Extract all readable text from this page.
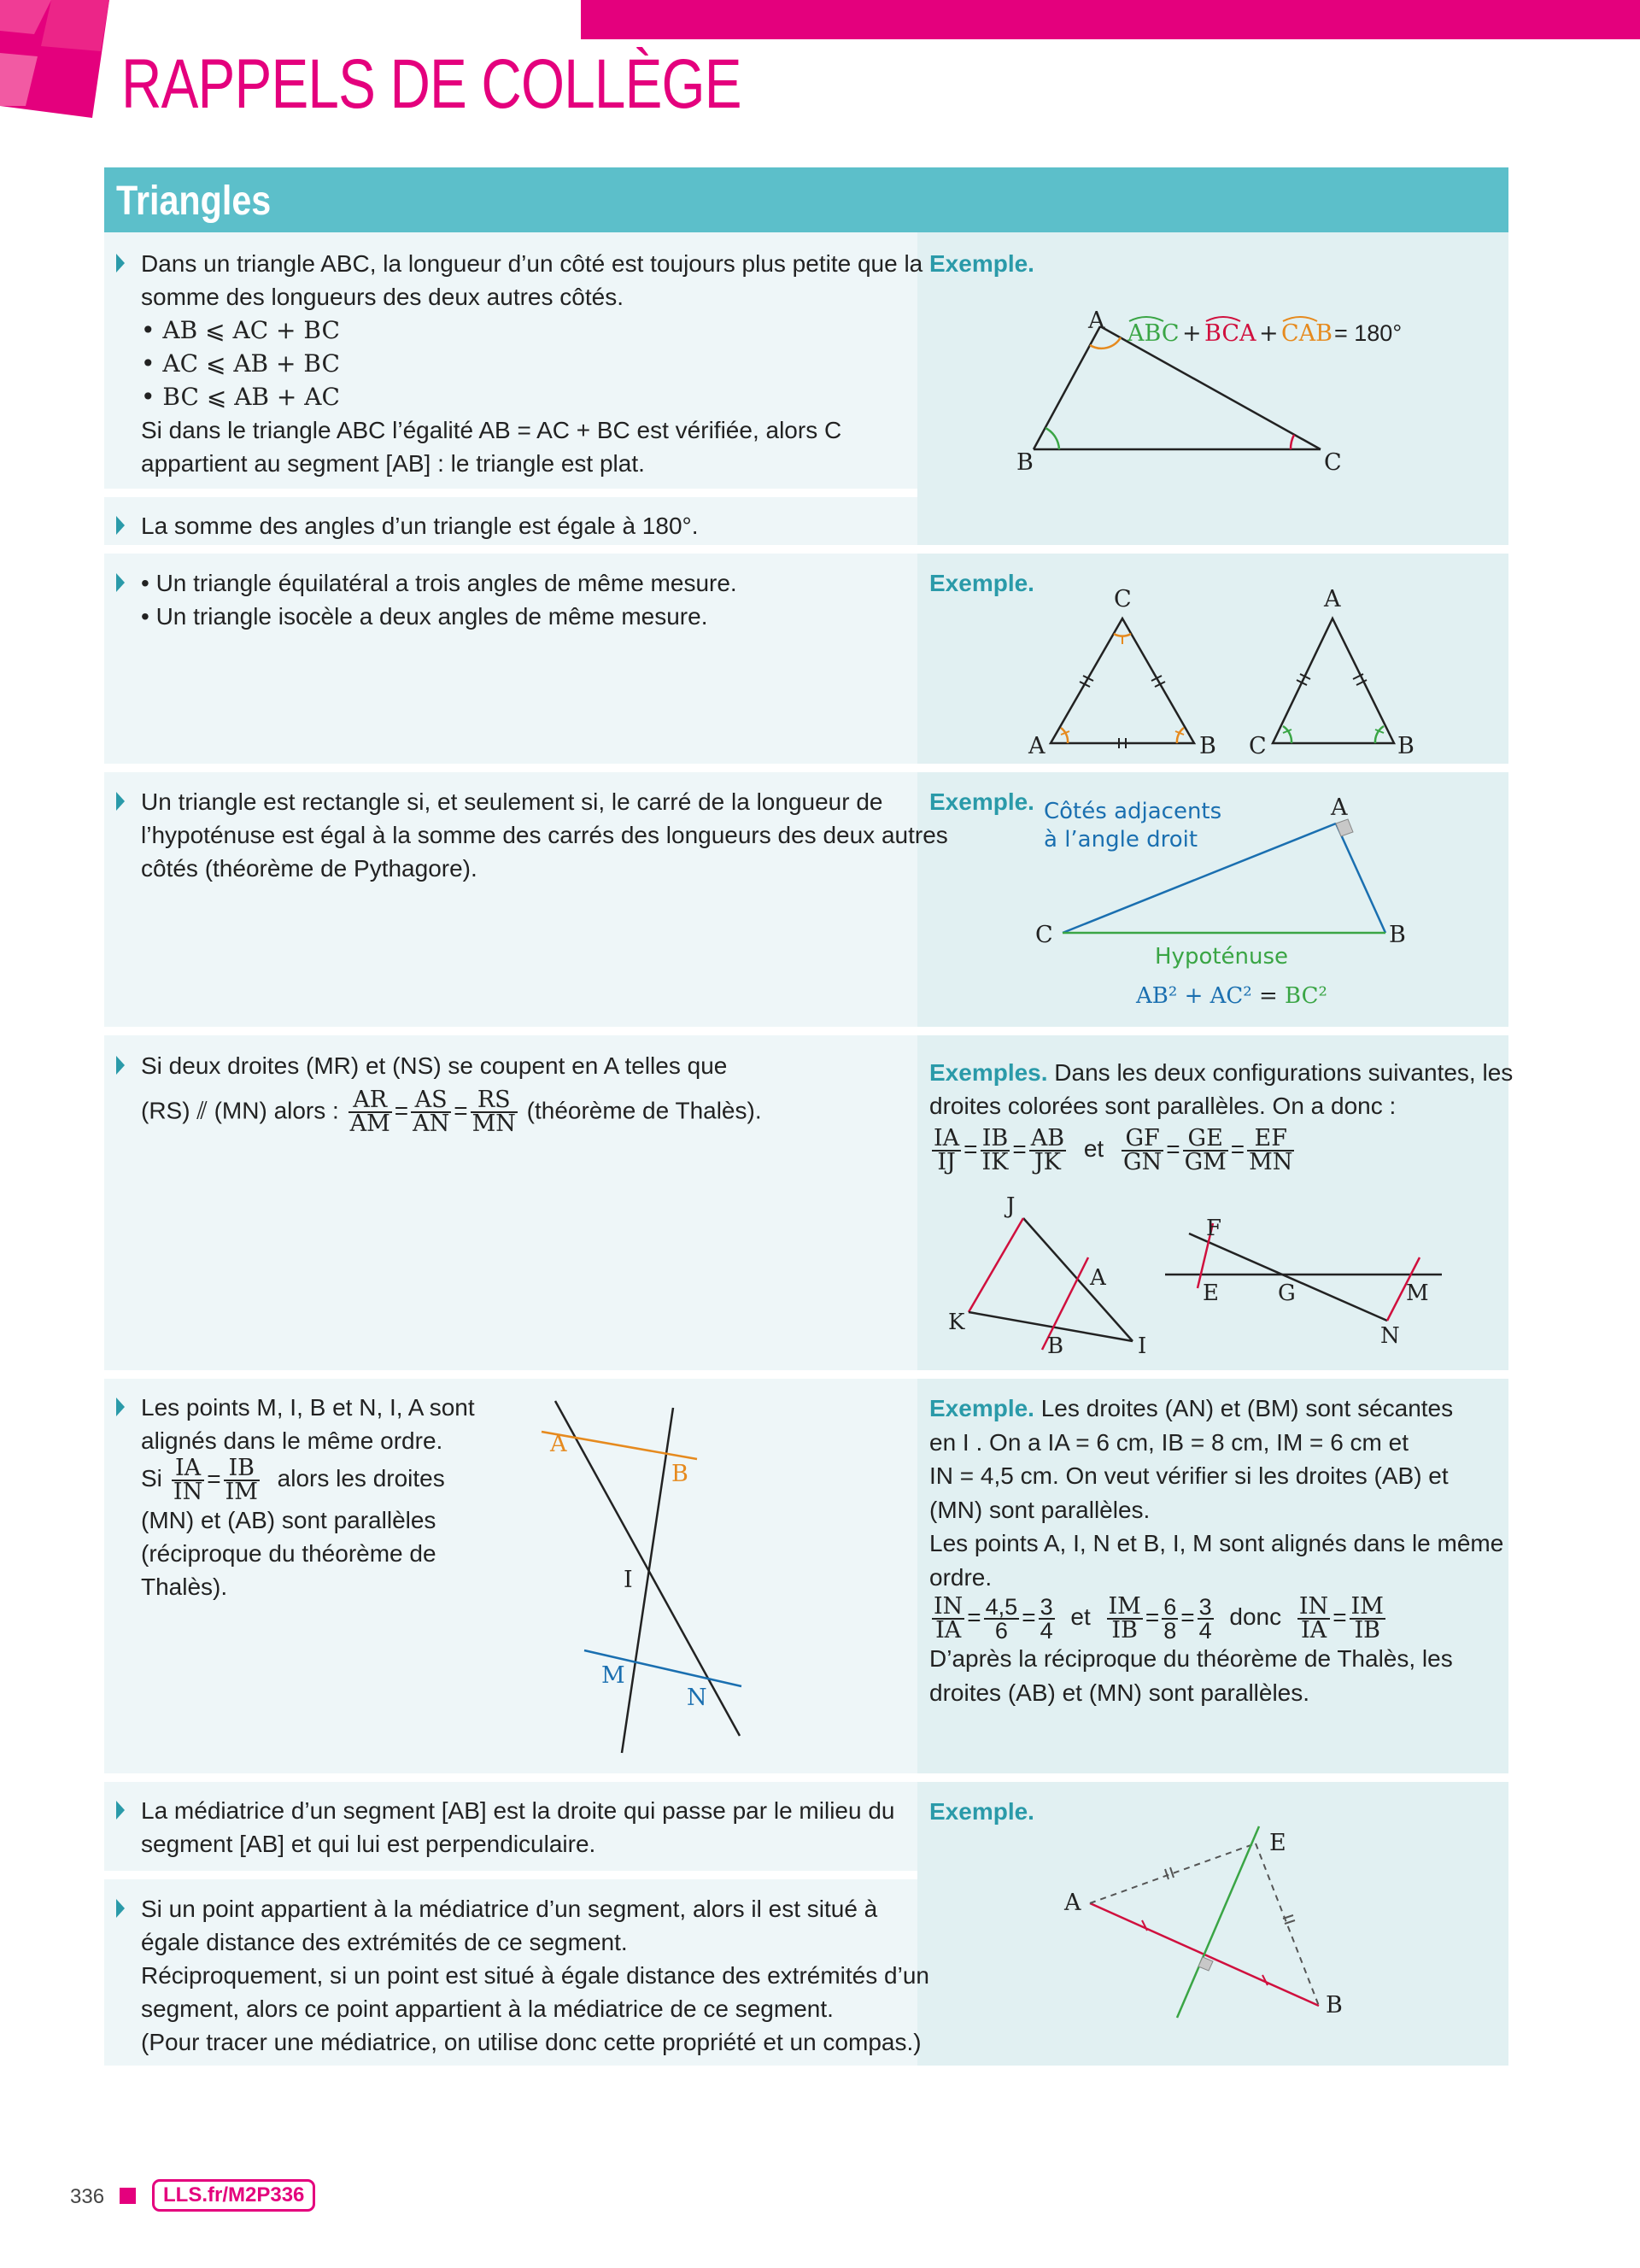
RAPPELS DE COLLÈGE
Triangles
Dans un triangle ABC, la longueur d’un côté est toujours plus petite que la
somme des longueurs des deux autres côtés.
• AB ⩽ AC + BC
• AC ⩽ AB + BC
• BC ⩽ AB + AC
Si dans le triangle ABC l’égalité AB = AC + BC est vérifiée, alors C
appartient au segment [AB] : le triangle est plat.
La somme des angles d’un triangle est égale à 180°.
Exemple.
A
B	C
ABC + BCA + CAB = 180°
• Un triangle équilatéral a trois angles de même mesure.
• Un triangle isocèle a deux angles de même mesure.
Exemple.
C
A	B
A
C	B
Un triangle est rectangle si, et seulement si, le carré de la longueur de
l’hypoténuse est égal à la somme des carrés des longueurs des deux autres
côtés (théorème de Pythagore).
Exemple.	A
B
C
Côtés adjacents
à l’angle droit
Hypoténuse
AB² + AC² = BC²
Si deux droites (MR) et (NS) se coupent en A telles que
(RS) ⫽ (MN) alors : $\frac{AR}{AM} = \frac{AS}{AN} = \frac{RS}{MN}$ (théorème de Thalès).
Exemples. Dans les deux configurations suivantes, les
droites colorées sont parallèles. On a donc :
$\frac{IA}{IJ} = \frac{IB}{IK} = \frac{AB}{JK}$ et $\frac{GF}{GN} = \frac{GE}{GM} = \frac{EF}{MN}$
J
K
A
B	I
F
E	G	M
N
Les points M, I, B et N, I, A sont
alignés dans le même ordre.
Si $\frac{IA}{IN} = \frac{IB}{IM}$ alors les droites
(MN) et (AB) sont parallèles
(réciproque du théorème de
Thalès).
A
B
I
M
N
Exemple. Les droites (AN) et (BM) sont sécantes
en I . On a IA = 6 cm, IB = 8 cm, IM = 6 cm et
IN = 4,5 cm. On veut vérifier si les droites (AB) et
(MN) sont parallèles.
Les points A, I, N et B, I, M sont alignés dans le même
ordre.
$\frac{IN}{IA} = \frac{4,5}{6} = \frac{3}{4}$ et $\frac{IM}{IB} = \frac{6}{8} = \frac{3}{4}$ donc $\frac{IN}{IA} = \frac{IM}{IB}$
D’après la réciproque du théorème de Thalès, les
droites (AB) et (MN) sont parallèles.
La médiatrice d’un segment [AB] est la droite qui passe par le milieu du
segment [AB] et qui lui est perpendiculaire.
Si un point appartient à la médiatrice d’un segment, alors il est situé à
égale distance des extrémités de ce segment.
Réciproquement, si un point est situé à égale distance des extrémités d’un
segment, alors ce point appartient à la médiatrice de ce segment.
(Pour tracer une médiatrice, on utilise donc cette propriété et un compas.)
Exemple.
A
B
E
336	LLS.fr/M2P336
